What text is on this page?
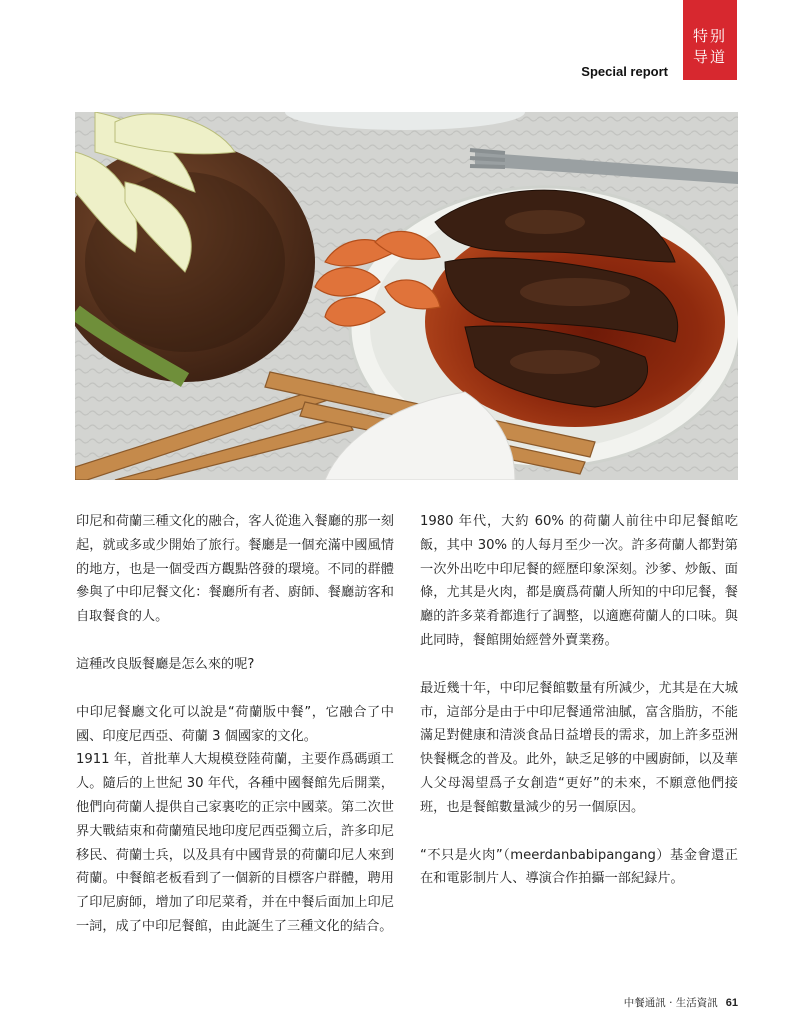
特别
导道
Special report

印尼和荷蘭三種文化的融合，客人從進入餐廳的那一刻起，就或多或少開始了旅行。餐廳是一個充滿中國風情的地方，也是一個受西方觀點啓發的環境。不同的群體參與了中印尼餐文化：餐廳所有者、廚師、餐廳訪客和自取餐食的人。

這種改良版餐廳是怎么來的呢?

中印尼餐廳文化可以說是“荷蘭版中餐”，它融合了中國、印度尼西亞、荷蘭 3 個國家的文化。

1911 年，首批華人大規模登陸荷蘭，主要作爲碼頭工人。隨后的上世紀 30 年代，各種中國餐館先后開業，他們向荷蘭人提供自己家裏吃的正宗中國菜。第二次世界大戰結束和荷蘭殖民地印度尼西亞獨立后，許多印尼移民、荷蘭士兵，以及具有中國背景的荷蘭印尼人來到荷蘭。中餐館老板看到了一個新的目標客户群體，聘用了印尼廚師，增加了印尼菜肴，并在中餐后面加上印尼一詞，成了中印尼餐館，由此誕生了三種文化的結合。

1980 年代，大約 60% 的荷蘭人前往中印尼餐館吃飯，其中 30% 的人每月至少一次。許多荷蘭人都對第一次外出吃中印尼餐的經歷印象深刻。沙爹、炒飯、面條，尤其是火肉，都是廣爲荷蘭人所知的中印尼餐，餐廳的許多菜肴都進行了調整，以適應荷蘭人的口味。與此同時，餐館開始經營外賣業務。

最近幾十年，中印尼餐館數量有所減少，尤其是在大城市，這部分是由于中印尼餐通常油膩，富含脂肪，不能滿足對健康和清淡食品日益增長的需求，加上許多亞洲快餐概念的普及。此外，缺乏足够的中國廚師，以及華人父母渴望爲子女創造“更好”的未來，不願意他們接班，也是餐館數量減少的另一個原因。

“不只是火肉”（meerdanbabipangang）基金會還正在和電影制片人、導演合作拍攝一部紀録片。

中餐通訊 · 生活資訊 61
